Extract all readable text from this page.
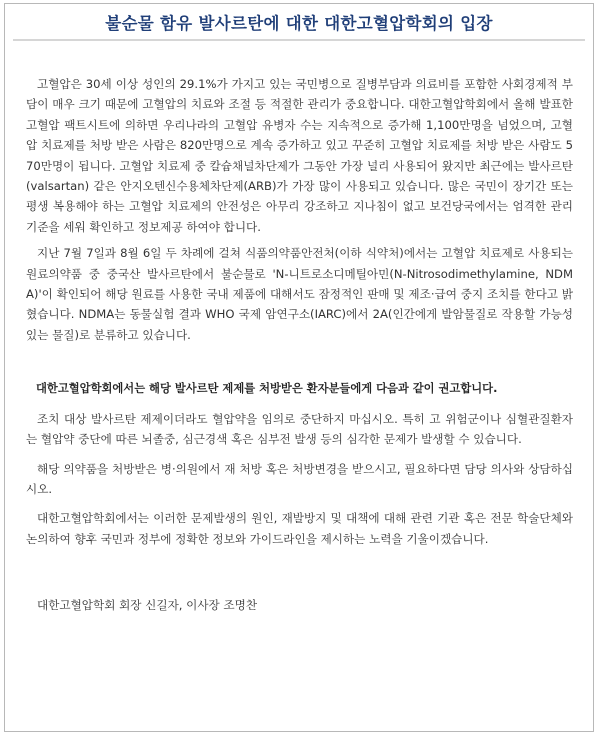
불순물 함유 발사르탄에 대한 대한고혈압학회의 입장

고혈압은 30세 이상 성인의 29.1%가 가지고 있는 국민병으로 질병부담과 의료비를 포함한 사회경제적 부담이 매우 크기 때문에 고혈압의 치료와 조절 등 적절한 관리가 중요합니다. 대한고혈압학회에서 올해 발표한 고혈압 팩트시트에 의하면 우리나라의 고혈압 유병자 수는 지속적으로 증가해 1,100만명을 넘었으며, 고혈압 치료제를 처방 받은 사람은 820만명으로 계속 증가하고 있고 꾸준히 고혈압 치료제를 처방 받은 사람도 570만명이 됩니다. 고혈압 치료제 중 칼슘채널차단제가 그동안 가장 널리 사용되어 왔지만 최근에는 발사르탄(valsartan) 같은 안지오텐신수용체차단제(ARB)가 가장 많이 사용되고 있습니다. 많은 국민이 장기간 또는 평생 복용해야 하는 고혈압 치료제의 안전성은 아무리 강조하고 지나침이 없고 보건당국에서는 엄격한 관리기준을 세워 확인하고 정보제공 하여야 합니다.

지난 7월 7일과 8월 6일 두 차례에 걸쳐 식품의약품안전처(이하 식약처)에서는 고혈압 치료제로 사용되는 원료의약품 중 중국산 발사르탄에서 불순물로 'N-니트로소디메틸아민(N-Nitrosodimethylamine, NDMA)'이 확인되어 해당 원료를 사용한 국내 제품에 대해서도 잠정적인 판매 및 제조·급여 중지 조치를 한다고 밝혔습니다. NDMA는 동물실험 결과 WHO 국제 암연구소(IARC)에서 2A(인간에게 발암물질로 작용할 가능성 있는 물질)로 분류하고 있습니다.

대한고혈압학회에서는 해당 발사르탄 제제를 처방받은 환자분들에게 다음과 같이 권고합니다.

조치 대상 발사르탄 제제이더라도 혈압약을 임의로 중단하지 마십시오. 특히 고 위험군이나 심혈관질환자는 혈압약 중단에 따른 뇌졸중, 심근경색 혹은 심부전 발생 등의 심각한 문제가 발생할 수 있습니다.

해당 의약품을 처방받은 병·의원에서 재 처방 혹은 처방변경을 받으시고, 필요하다면 담당 의사와 상담하십시오.

대한고혈압학회에서는 이러한 문제발생의 원인, 재발방지 및 대책에 대해 관련 기관 혹은 전문 학술단체와 논의하여 향후 국민과 정부에 정확한 정보와 가이드라인을 제시하는 노력을 기울이겠습니다.

대한고혈압학회 회장 신길자, 이사장 조명찬
